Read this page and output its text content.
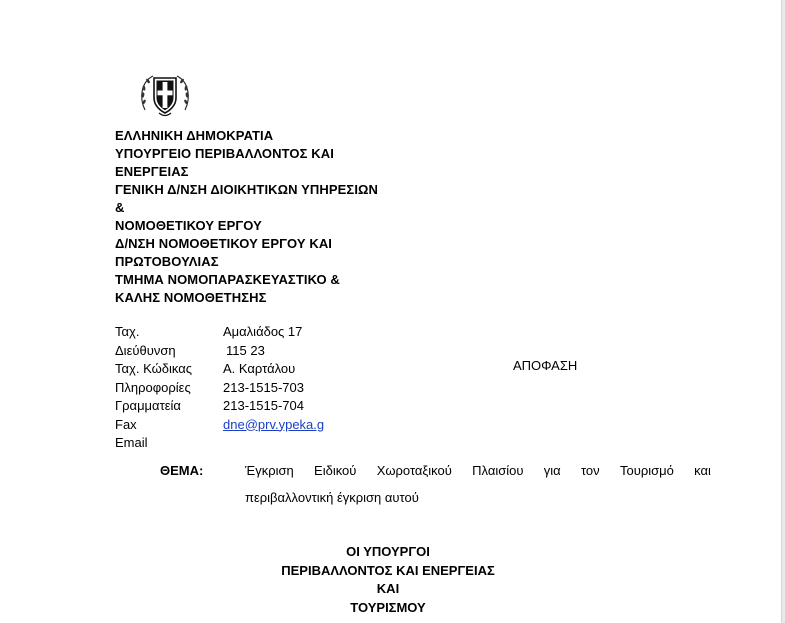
ΕΛΛΗΝΙΚΗ ΔΗΜΟΚΡΑΤΙΑ
ΥΠΟΥΡΓΕΙΟ ΠΕΡΙΒΑΛΛΟΝΤΟΣ ΚΑΙ
ΕΝΕΡΓΕΙΑΣ
ΓΕΝΙΚΗ Δ/ΝΣΗ ΔΙΟΙΚΗΤΙΚΩΝ ΥΠΗΡΕΣΙΩΝ
&
ΝΟΜΟΘΕΤΙΚΟΥ ΕΡΓΟΥ
Δ/ΝΣΗ ΝΟΜΟΘΕΤΙΚΟΥ ΕΡΓΟΥ ΚΑΙ
ΠΡΩΤΟΒΟΥΛΙΑΣ
ΤΜΗΜΑ ΝΟΜΟΠΑΡΑΣΚΕΥΑΣΤΙΚΟ &
ΚΑΛΗΣ ΝΟΜΟΘΕΤΗΣΗΣ
Ταχ.	Αμαλιάδος 17
Διεύθυνση	115 23
Ταχ. Κώδικας Α. Καρτάλου
Πληροφορίες 213-1515-703
Γραμματεία	213-1515-704
Fax	dne@prv.ypeka.g
Email
ΑΠΟΦΑΣΗ
ΘΕΜΑ:	Έγκριση Ειδικού Χωροταξικού Πλαισίου για τον Τουρισμό και
περιβαλλοντική έγκριση αυτού
ΟΙ ΥΠΟΥΡΓΟΙ
ΠΕΡΙΒΑΛΛΟΝΤΟΣ ΚΑΙ ΕΝΕΡΓΕΙΑΣ
ΚΑΙ
ΤΟΥΡΙΣΜΟΥ
